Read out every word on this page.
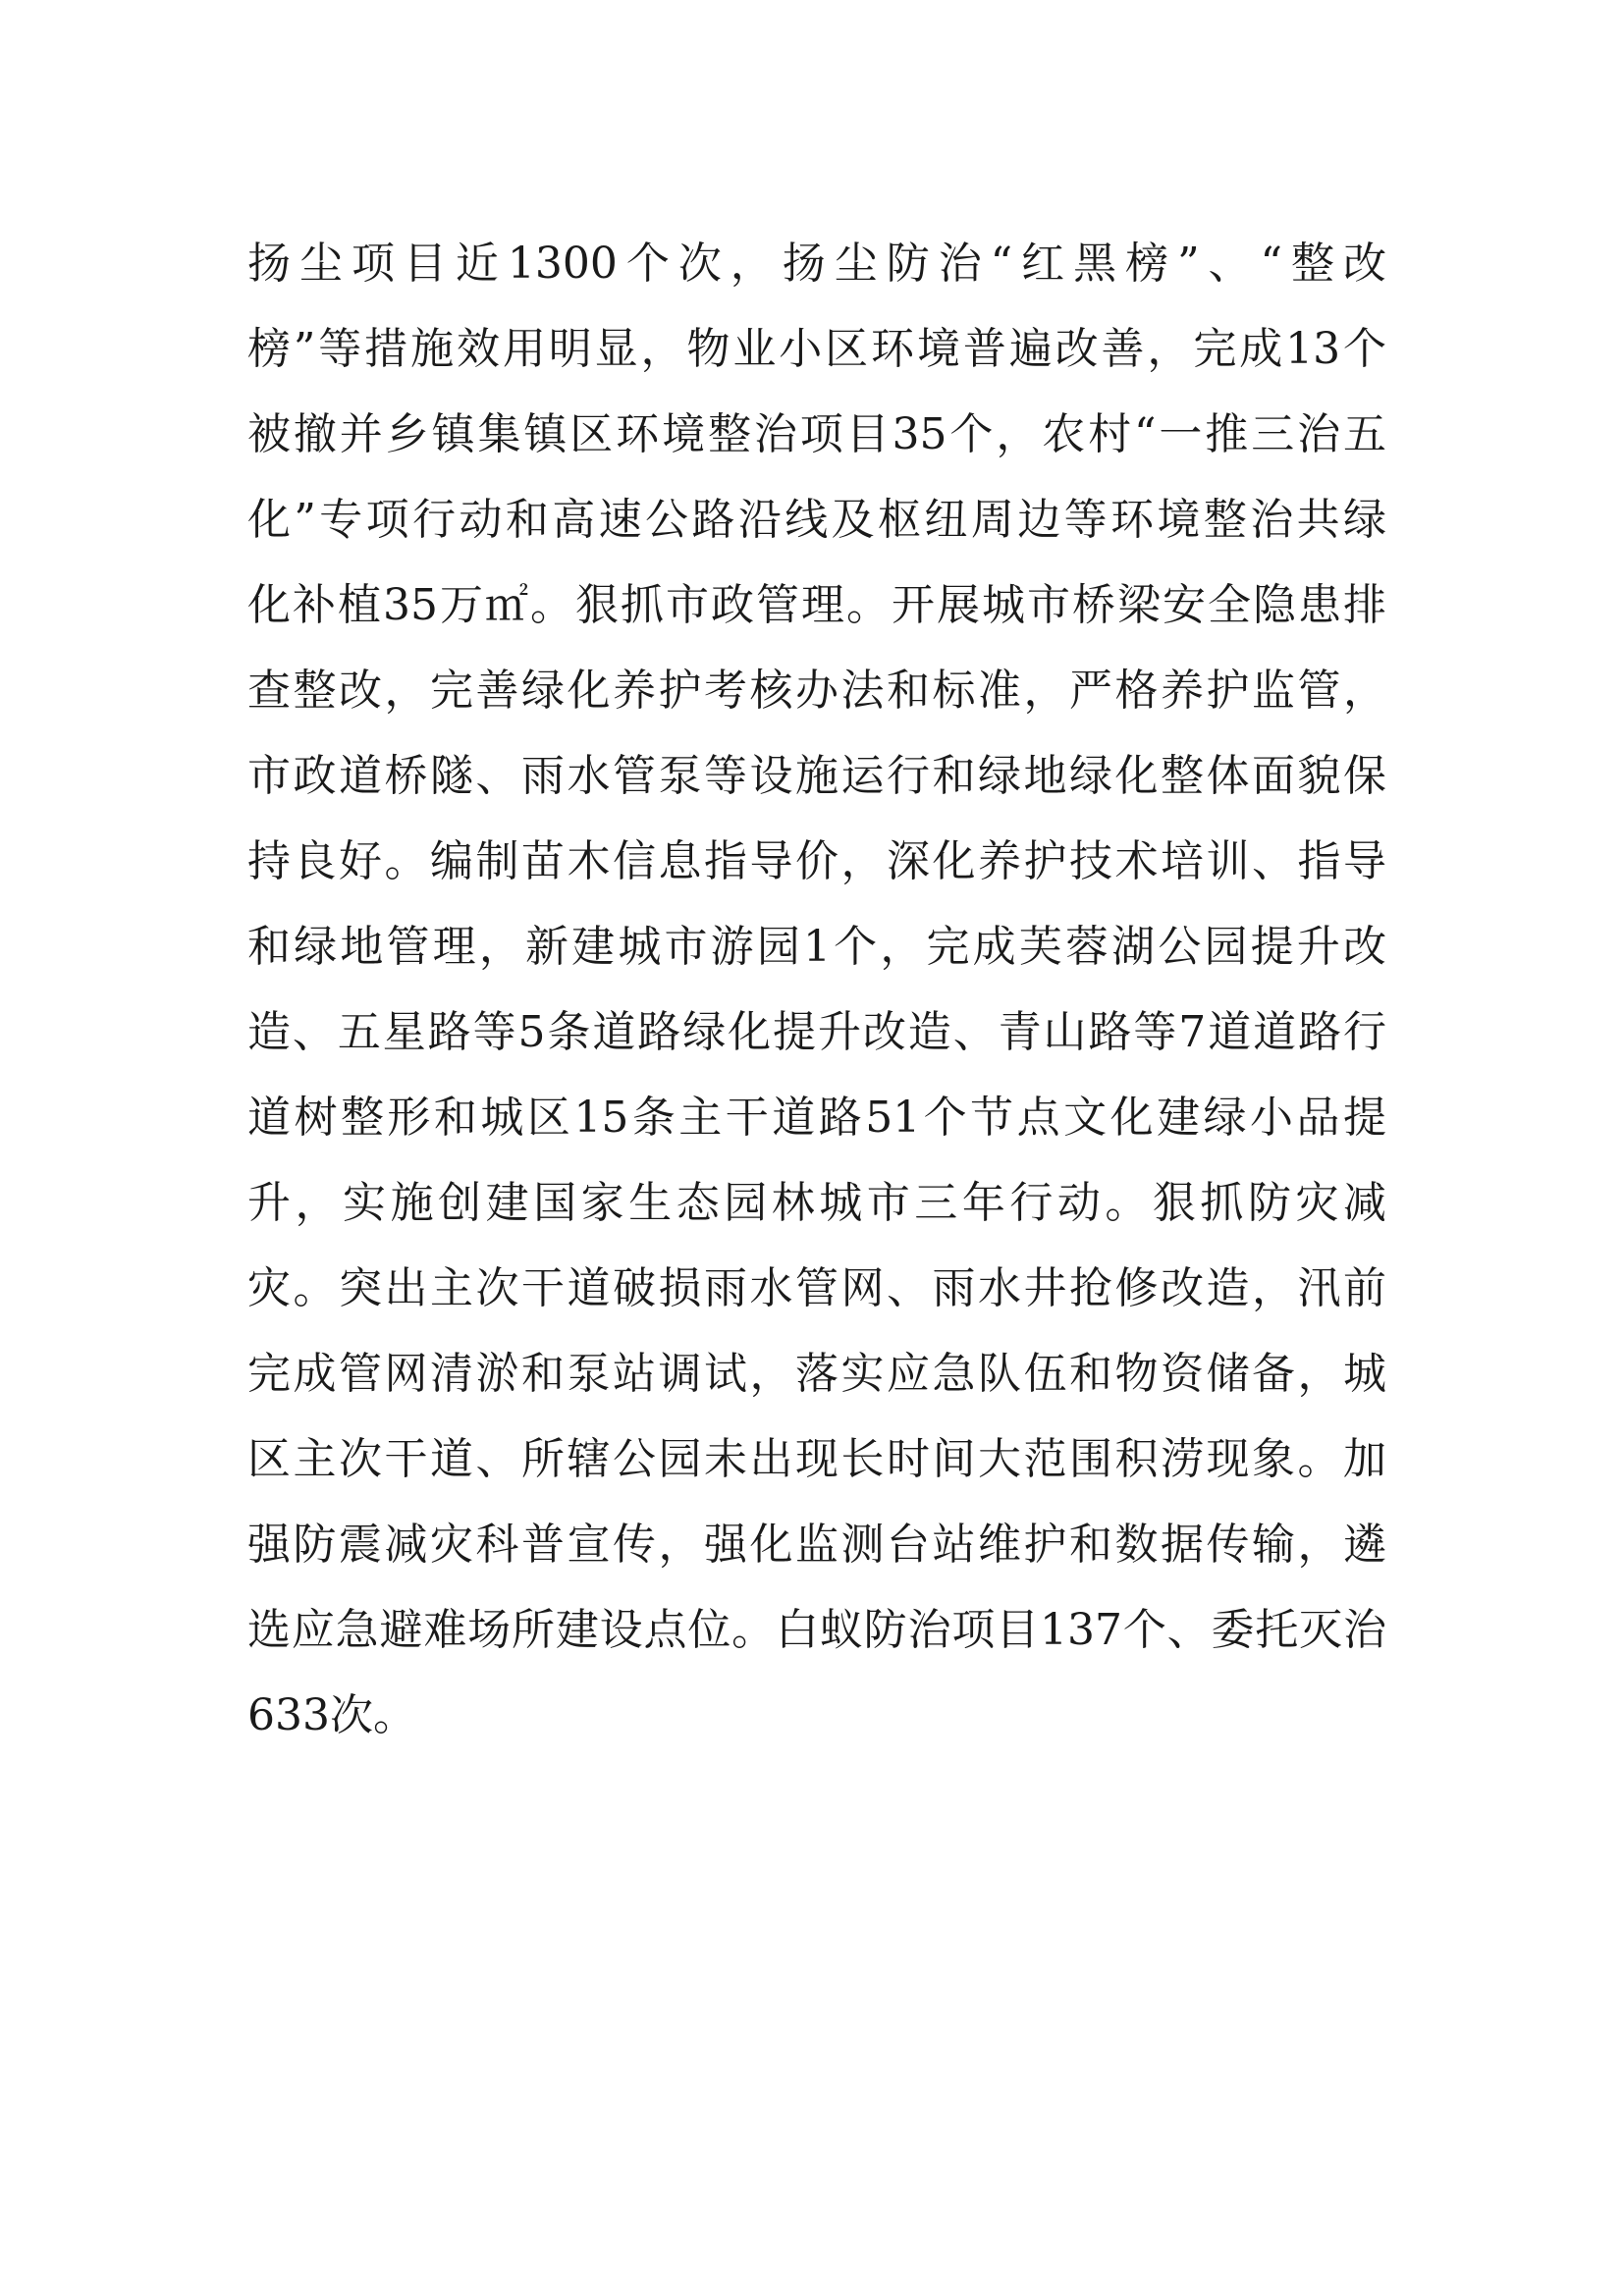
扬尘项目近1300个次，扬尘防治“红黑榜”、“整改
榜”等措施效用明显，物业小区环境普遍改善，完成13个
被撤并乡镇集镇区环境整治项目35个，农村“一推三治五
化”专项行动和高速公路沿线及枢纽周边等环境整治共绿
化补植35万㎡。狠抓市政管理。开展城市桥梁安全隐患排
查整改，完善绿化养护考核办法和标准，严格养护监管，
市政道桥隧、雨水管泵等设施运行和绿地绿化整体面貌保
持良好。编制苗木信息指导价，深化养护技术培训、指导
和绿地管理，新建城市游园1个，完成芙蓉湖公园提升改
造、五星路等5条道路绿化提升改造、青山路等7道道路行
道树整形和城区15条主干道路51个节点文化建绿小品提
升，实施创建国家生态园林城市三年行动。狠抓防灾减
灾。突出主次干道破损雨水管网、雨水井抢修改造，汛前
完成管网清淤和泵站调试，落实应急队伍和物资储备，城
区主次干道、所辖公园未出现长时间大范围积涝现象。加
强防震减灾科普宣传，强化监测台站维护和数据传输，遴
选应急避难场所建设点位。白蚁防治项目137个、委托灭治
633次。
